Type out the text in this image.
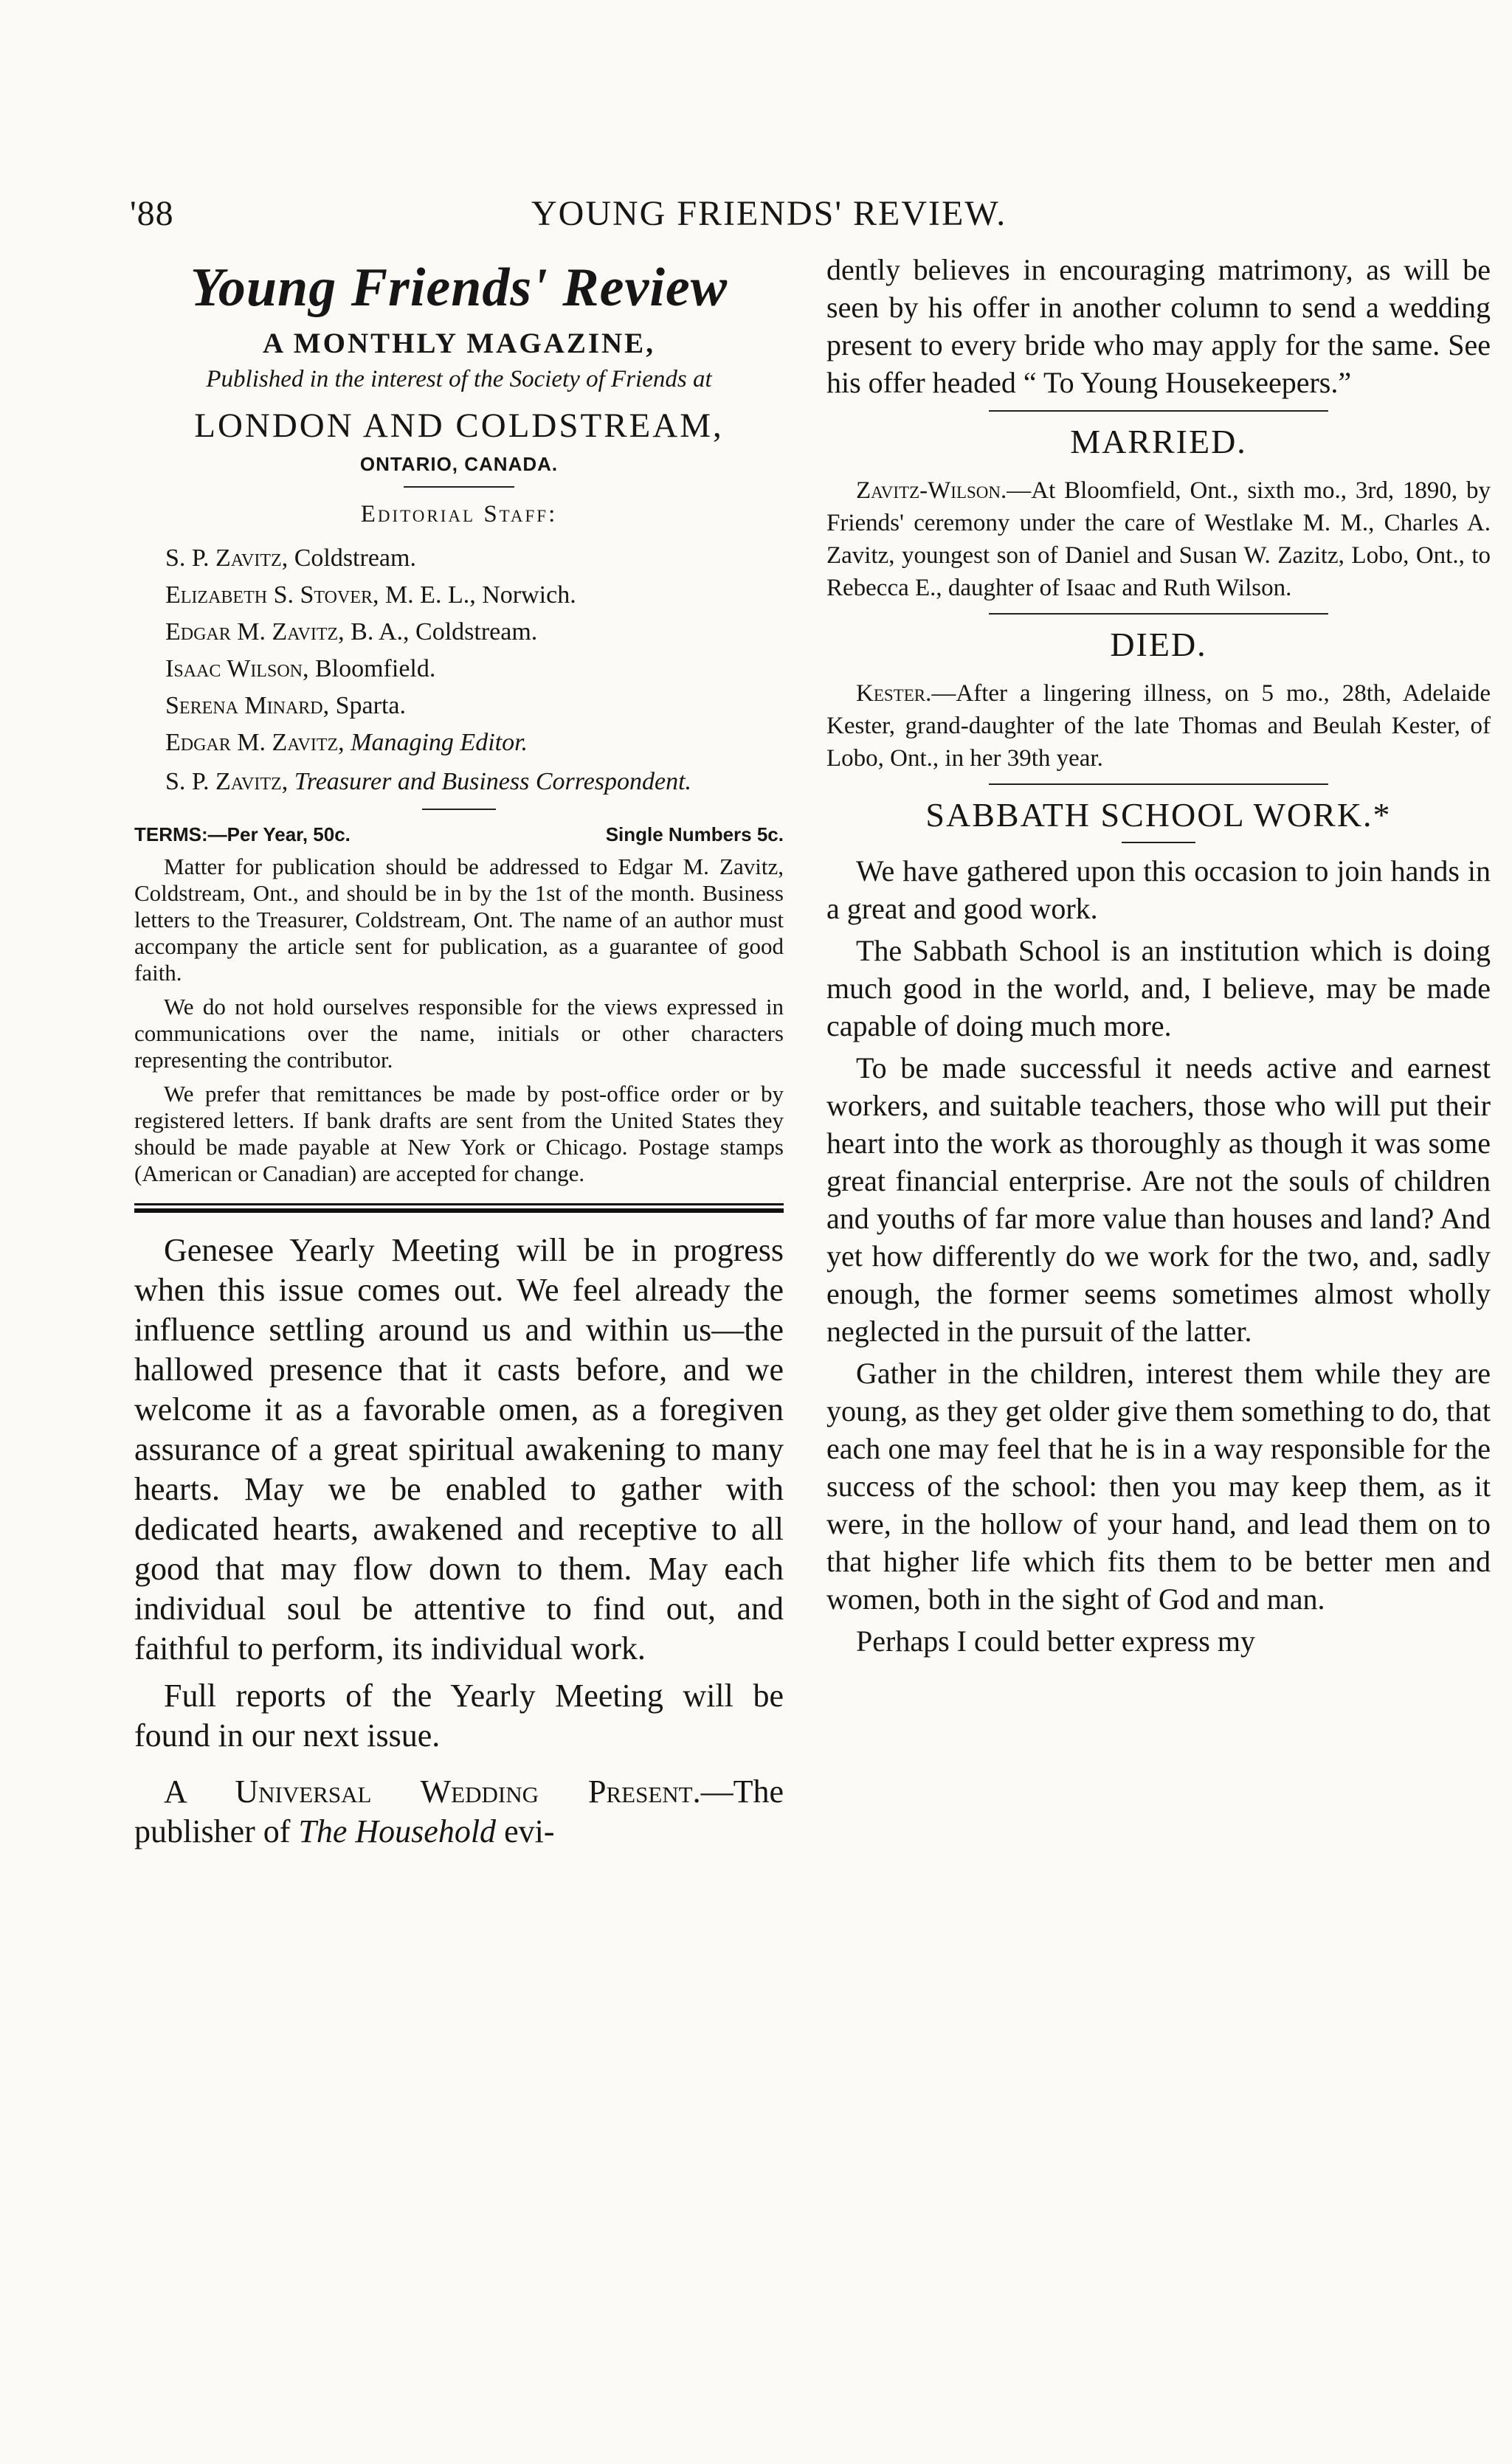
'88	YOUNG FRIENDS' REVIEW.
Young Friends' Review

A MONTHLY MAGAZINE,

Published in the interest of the Society of Friends at

LONDON AND COLDSTREAM,

ONTARIO, CANADA.

Editorial Staff:

S. P. Zavitz, Coldstream.
Elizabeth S. Stover, M. E. L., Norwich.
Edgar M. Zavitz, B. A., Coldstream.
Isaac Wilson, Bloomfield.
Serena Minard, Sparta.
Edgar M. Zavitz, Managing Editor.
S. P. Zavitz, Treasurer and Business Correspondent.
TERMS:—Per Year, 50c.	Single Numbers 5c.

Matter for publication should be addressed to Edgar M. Zavitz, Coldstream, Ont., and should be in by the 1st of the month. Business letters to the Treasurer, Coldstream, Ont. The name of an author must accompany the article sent for publication, as a guarantee of good faith.

We do not hold ourselves responsible for the views expressed in communications over the name, initials or other characters representing the contributor.

We prefer that remittances be made by post-office order or by registered letters. If bank drafts are sent from the United States they should be made payable at New York or Chicago. Postage stamps (American or Canadian) are accepted for change.

Genesee Yearly Meeting will be in progress when this issue comes out. We feel already the influence settling around us and within us—the hallowed presence that it casts before, and we welcome it as a favorable omen, as a foregiven assurance of a great spiritual awakening to many hearts. May we be enabled to gather with dedicated hearts, awakened and receptive to all good that may flow down to them. May each individual soul be attentive to find out, and faithful to perform, its individual work.

Full reports of the Yearly Meeting will be found in our next issue.

A Universal Wedding Present.—The publisher of The Household evi-

dently believes in encouraging matrimony, as will be seen by his offer in another column to send a wedding present to every bride who may apply for the same. See his offer headed “ To Young Housekeepers.”

MARRIED.

Zavitz-Wilson.—At Bloomfield, Ont., sixth mo., 3rd, 1890, by Friends' ceremony under the care of Westlake M. M., Charles A. Zavitz, youngest son of Daniel and Susan W. Zazitz, Lobo, Ont., to Rebecca E., daughter of Isaac and Ruth Wilson.

DIED.

Kester.—After a lingering illness, on 5 mo., 28th, Adelaide Kester, grand-daughter of the late Thomas and Beulah Kester, of Lobo, Ont., in her 39th year.

SABBATH SCHOOL WORK.*

We have gathered upon this occasion to join hands in a great and good work.

The Sabbath School is an institution which is doing much good in the world, and, I believe, may be made capable of doing much more.

To be made successful it needs active and earnest workers, and suitable teachers, those who will put their heart into the work as thoroughly as though it was some great financial enterprise. Are not the souls of children and youths of far more value than houses and land? And yet how differently do we work for the two, and, sadly enough, the former seems sometimes almost wholly neglected in the pursuit of the latter.

Gather in the children, interest them while they are young, as they get older give them something to do, that each one may feel that he is in a way responsible for the success of the school: then you may keep them, as it were, in the hollow of your hand, and lead them on to that higher life which fits them to be better men and women, both in the sight of God and man.

Perhaps I could better express my
